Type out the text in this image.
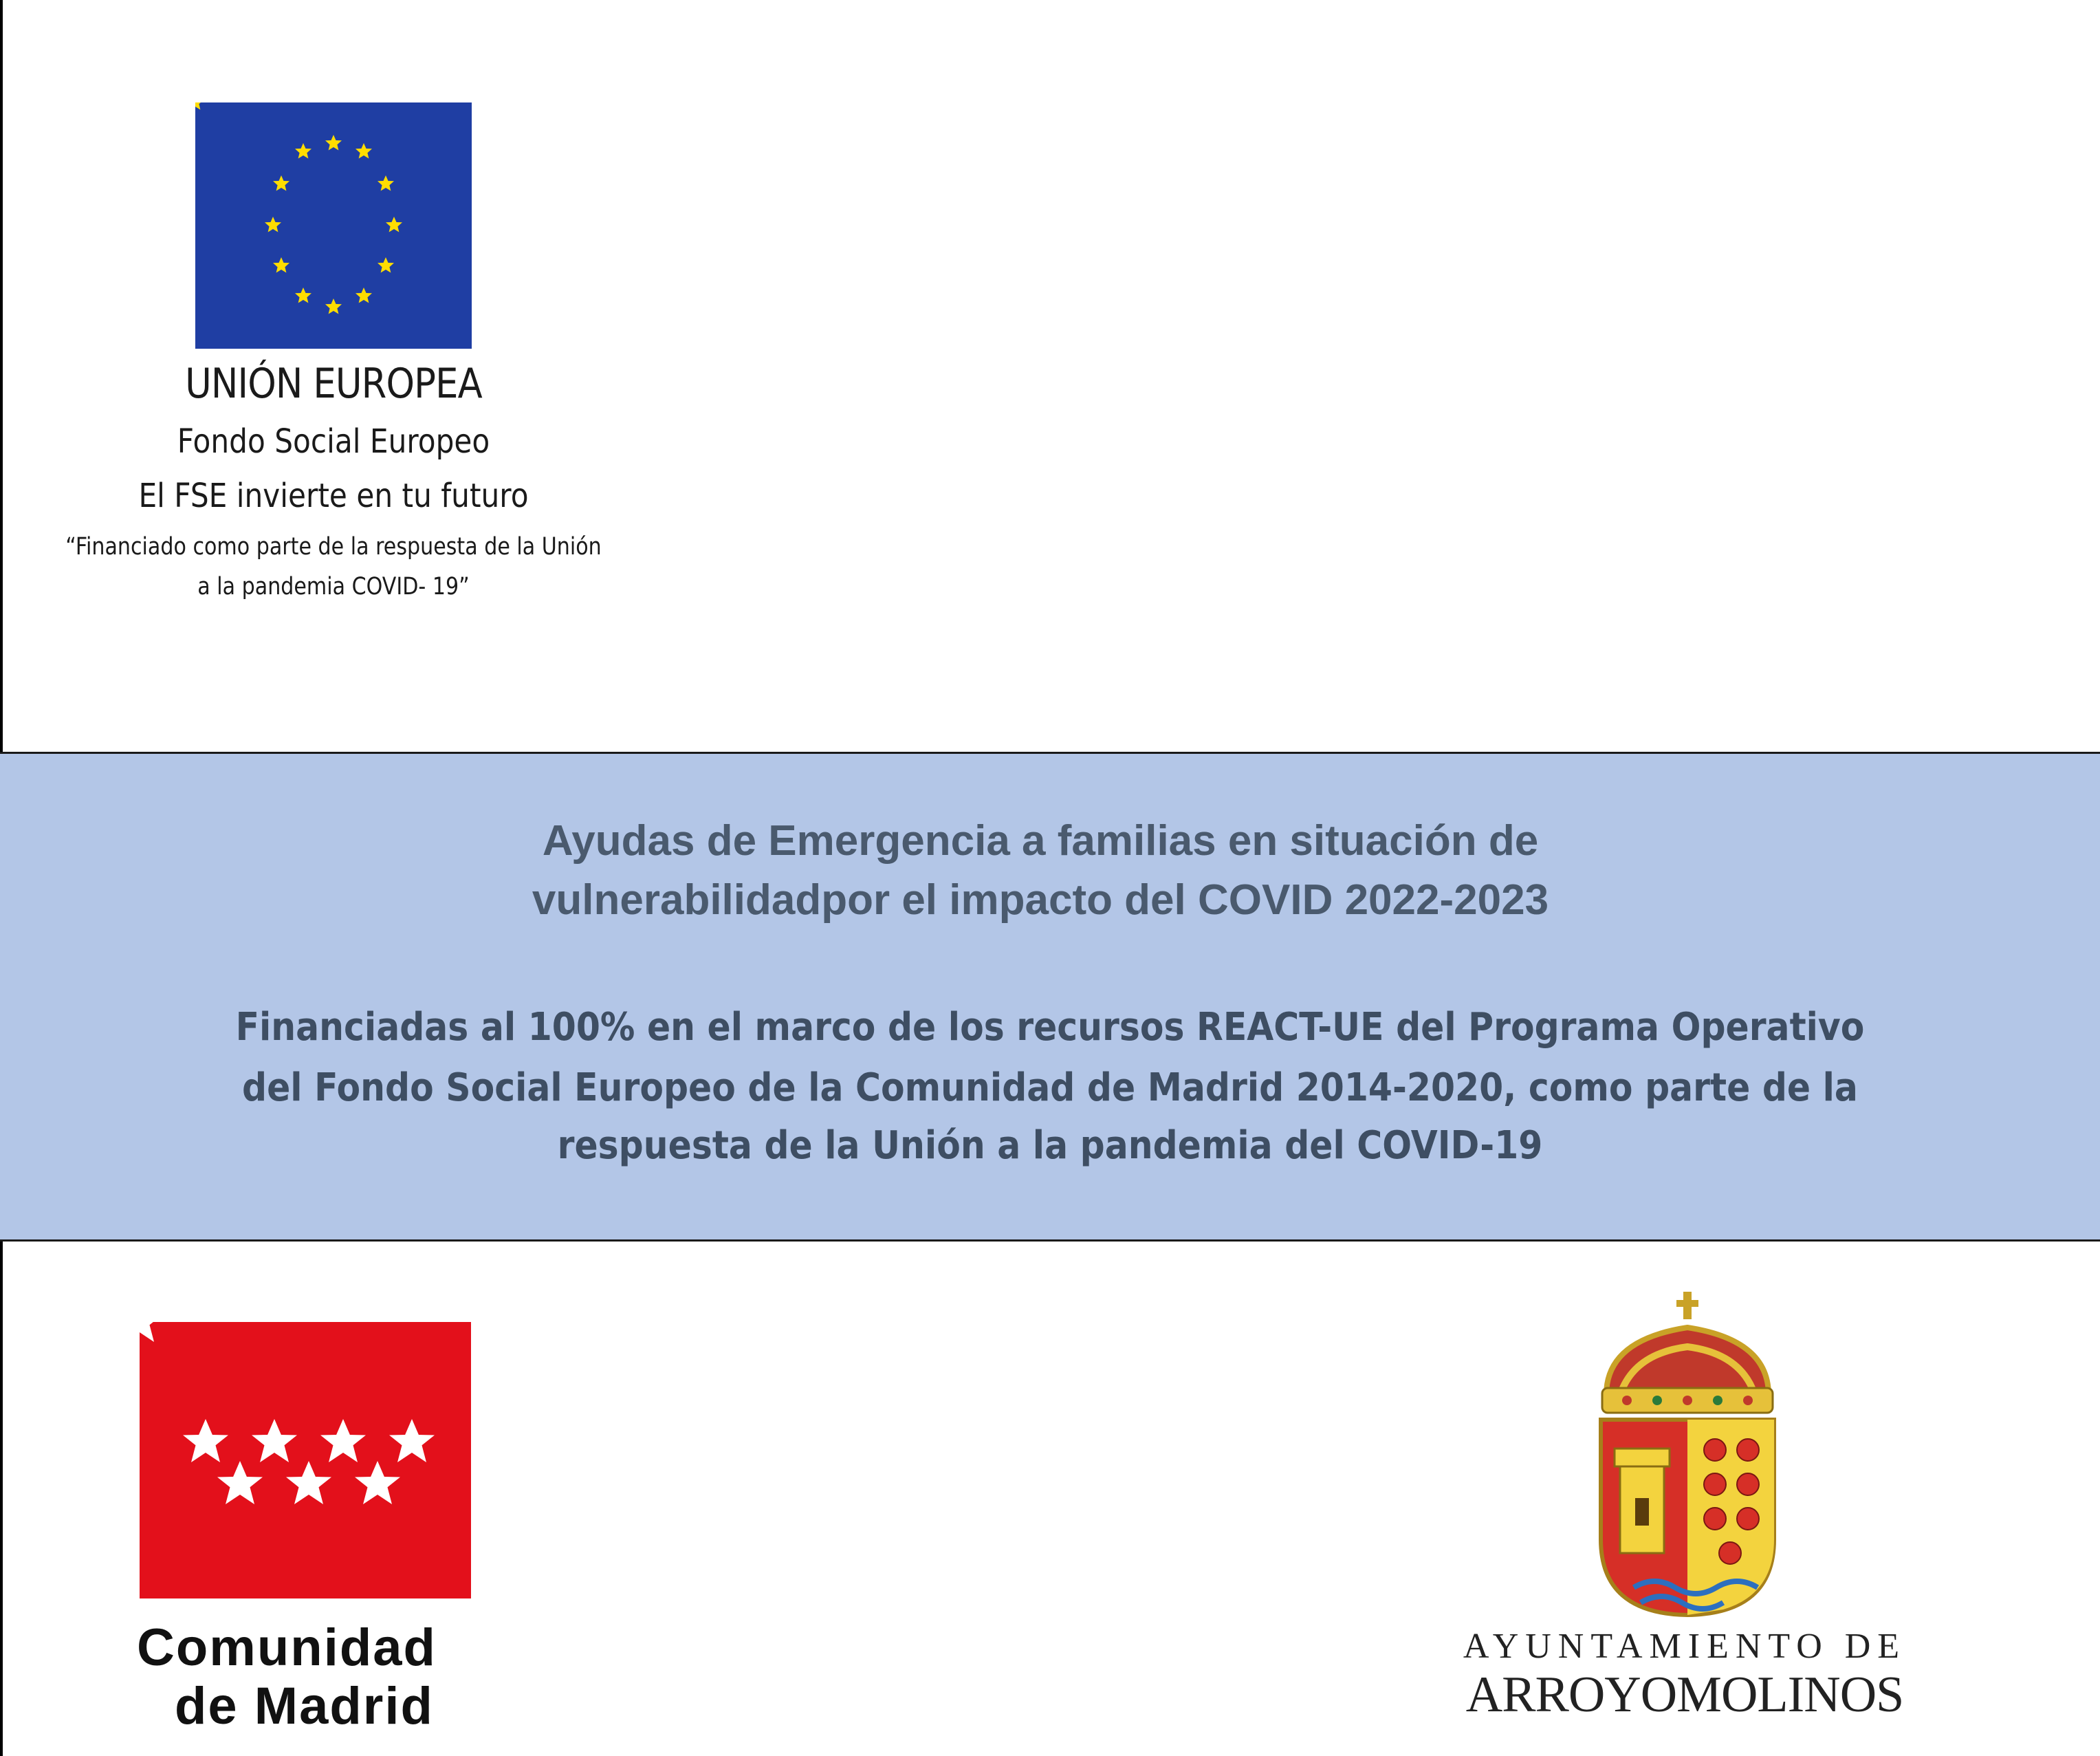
UNIÓN EUROPEA
Fondo Social Europeo
El FSE invierte en tu futuro
“Financiado como parte de la respuesta de la Unión
a la pandemia COVID- 19”
Ayudas de Emergencia a familias en situación de
vulnerabilidadpor el impacto del COVID 2022-2023
Financiadas al 100% en el marco de los recursos REACT-UE del Programa Operativo
del Fondo Social Europeo de la Comunidad de Madrid 2014-2020, como parte de la
respuesta de la Unión a la pandemia del COVID-19
Comunidad
de Madrid
AYUNTAMIENTO DE
ARROYOMOLINOS
